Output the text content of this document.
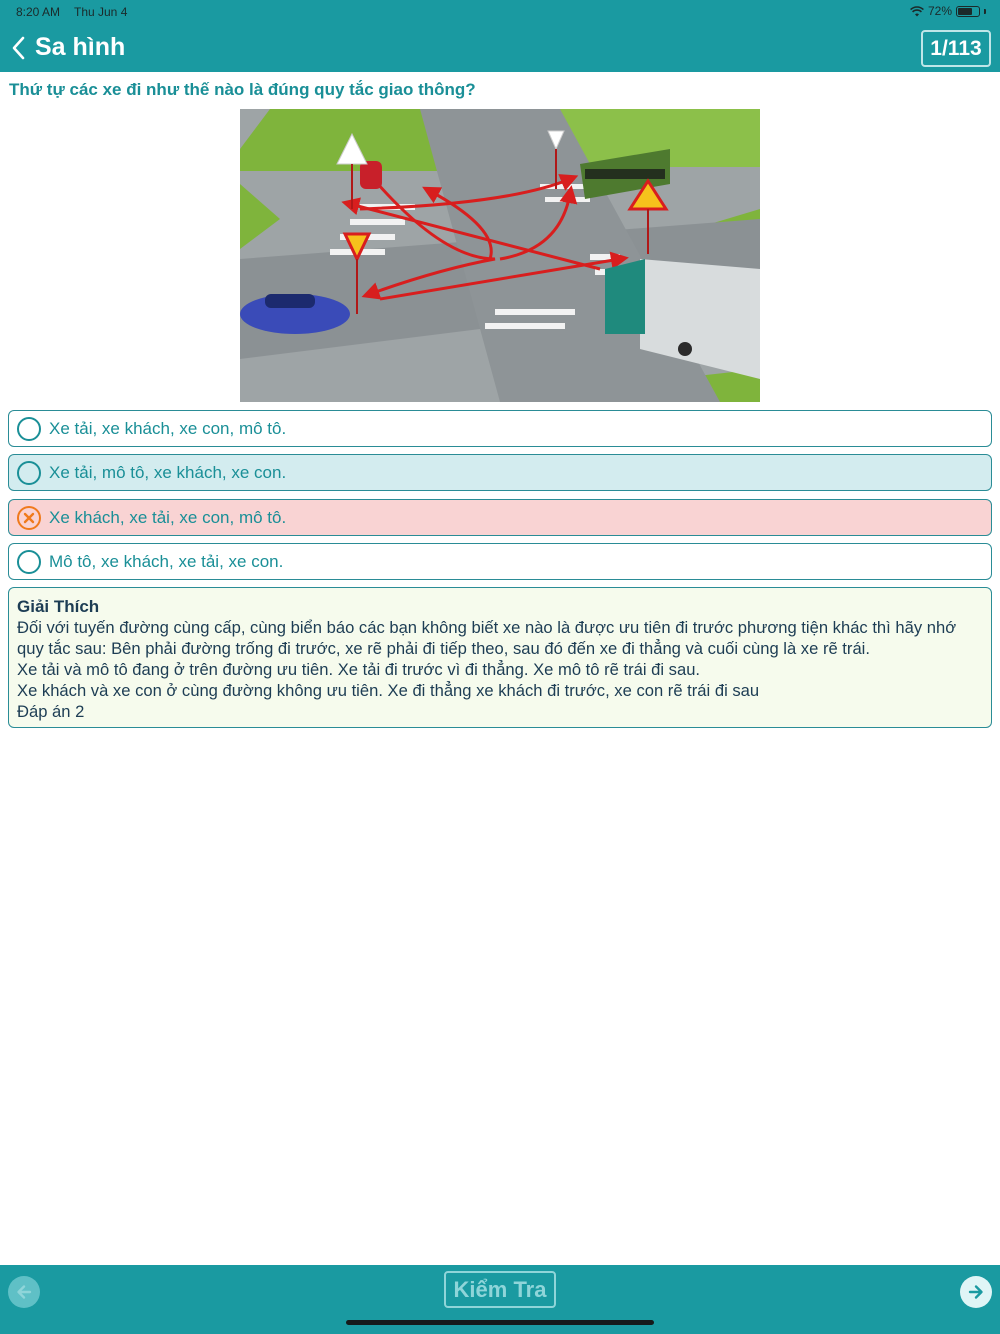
8:20 AM Thu Jun 4	72%
Sa hình	1/113
Thứ tự các xe đi như thế nào là đúng quy tắc giao thông?
Xe tải, xe khách, xe con, mô tô.
Xe tải, mô tô, xe khách, xe con.
Xe khách, xe tải, xe con, mô tô.
Mô tô, xe khách, xe tải, xe con.
Giải Thích
Đối với tuyến đường cùng cấp, cùng biển báo các bạn không biết xe nào là được ưu tiên đi trước phương tiện khác thì hãy nhớ quy tắc sau: Bên phải đường trống đi trước, xe rẽ phải đi tiếp theo, sau đó đến xe đi thẳng và cuối cùng là xe rẽ trái.
Xe tải và mô tô đang ở trên đường ưu tiên. Xe tải đi trước vì đi thẳng. Xe mô tô rẽ trái đi sau.
Xe khách và xe con ở cùng đường không ưu tiên. Xe đi thẳng xe khách đi trước, xe con rẽ trái đi sau
Đáp án 2
Kiểm Tra
